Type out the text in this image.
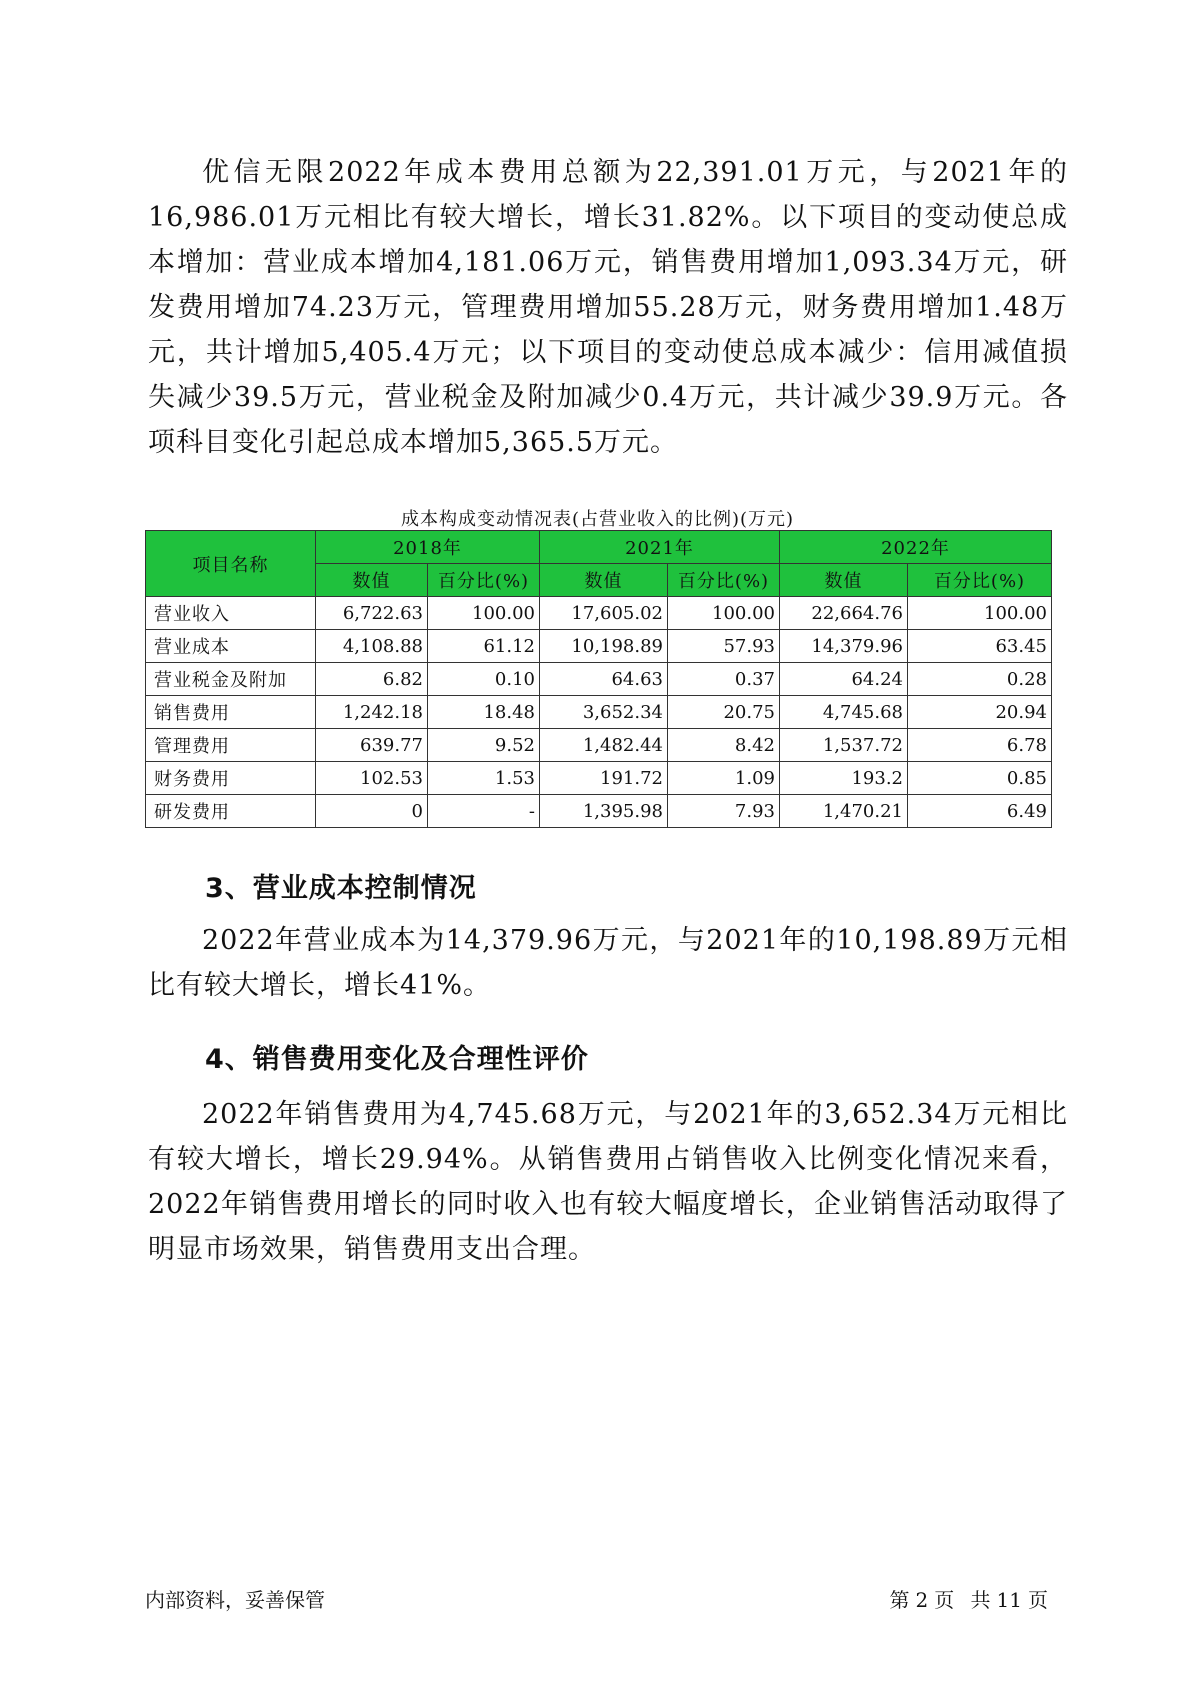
优信无限2022年成本费用总额为22,391.01万元，与2021年的16,986.01万元相比有较大增长，增长31.82%。以下项目的变动使总成本增加：营业成本增加4,181.06万元，销售费用增加1,093.34万元，研发费用增加74.23万元，管理费用增加55.28万元，财务费用增加1.48万元，共计增加5,405.4万元；以下项目的变动使总成本减少：信用减值损失减少39.5万元，营业税金及附加减少0.4万元，共计减少39.9万元。各项科目变化引起总成本增加5,365.5万元。

成本构成变动情况表(占营业收入的比例)(万元)
项目名称	2018年		2021年		2022年	
	数值	百分比(%)	数值	百分比(%)	数值	百分比(%)
营业收入	6,722.63	100.00	17,605.02	100.00	22,664.76	100.00
营业成本	4,108.88	61.12	10,198.89	57.93	14,379.96	63.45
营业税金及附加	6.82	0.10	64.63	0.37	64.24	0.28
销售费用	1,242.18	18.48	3,652.34	20.75	4,745.68	20.94
管理费用	639.77	9.52	1,482.44	8.42	1,537.72	6.78
财务费用	102.53	1.53	191.72	1.09	193.2	0.85
研发费用	0	-	1,395.98	7.93	1,470.21	6.49
3、营业成本控制情况

2022年营业成本为14,379.96万元，与2021年的10,198.89万元相比有较大增长，增长41%。

4、销售费用变化及合理性评价

2022年销售费用为4,745.68万元，与2021年的3,652.34万元相比有较大增长，增长29.94%。从销售费用占销售收入比例变化情况来看，2022年销售费用增长的同时收入也有较大幅度增长，企业销售活动取得了明显市场效果，销售费用支出合理。

内部资料，妥善保管	第 2 页 共 11 页
